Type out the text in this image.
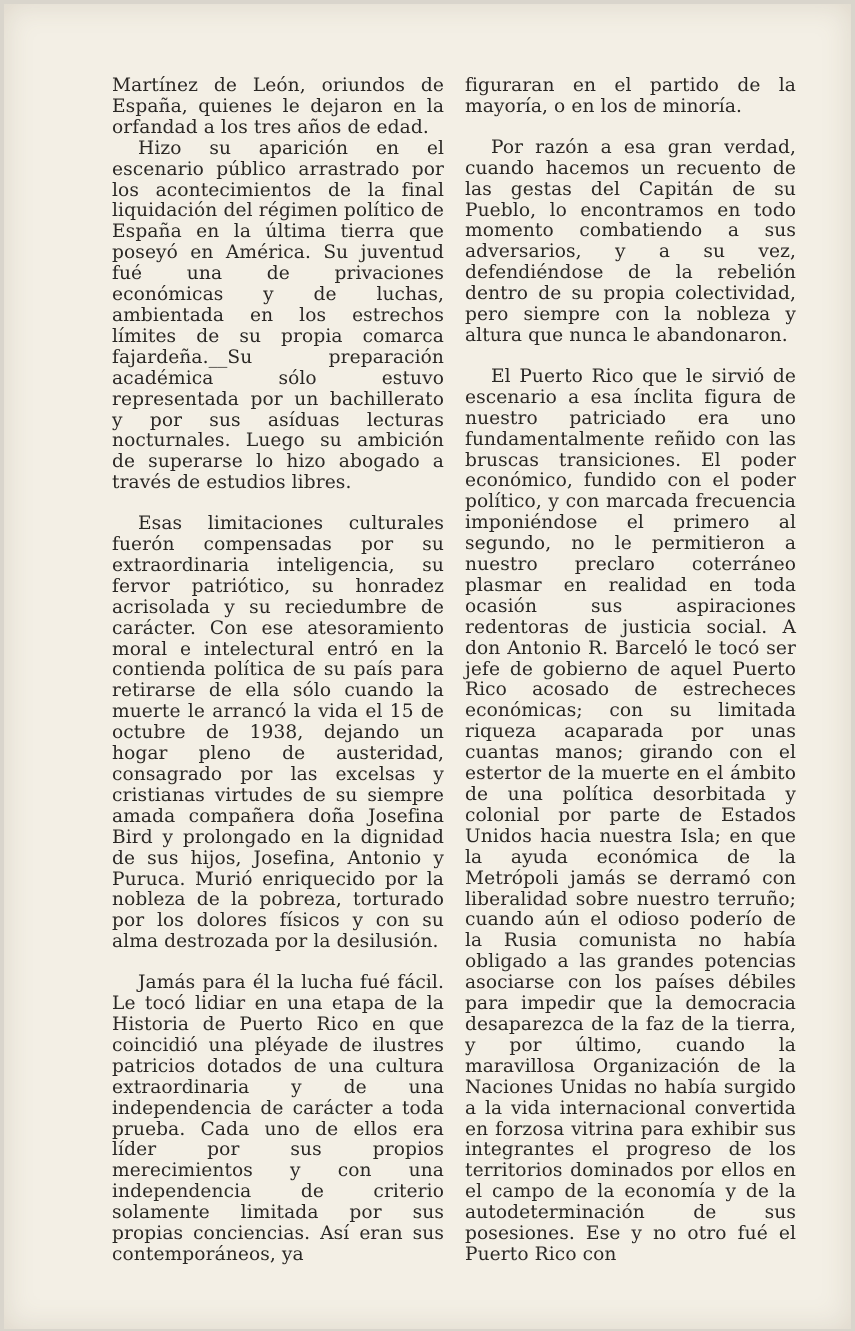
Martínez de León, oriundos de España, quienes le dejaron en la orfandad a los tres años de edad.

Hizo su aparición en el escenario público arrastrado por los acontecimientos de la final liquidación del régimen político de España en la última tierra que poseyó en América. Su juventud fué una de privaciones económicas y de luchas, ambientada en los estrechos límites de su propia comarca fajardeña.__Su preparación académica sólo estuvo representada por un bachillerato y por sus asíduas lecturas nocturnales. Luego su ambición de superarse lo hizo abogado a través de estudios libres.

Esas limitaciones culturales fuerón compensadas por su extraordinaria inteligencia, su fervor patriótico, su honradez acrisolada y su reciedumbre de carácter. Con ese atesoramiento moral e intelectural entró en la contienda política de su país para retirarse de ella sólo cuando la muerte le arrancó la vida el 15 de octubre de 1938, dejando un hogar pleno de austeridad, consagrado por las excelsas y cristianas virtudes de su siempre amada compañera doña Josefina Bird y prolongado en la dignidad de sus hijos, Josefina, Antonio y Puruca. Murió enriquecido por la nobleza de la pobreza, torturado por los dolores físicos y con su alma destrozada por la desilusión.

Jamás para él la lucha fué fácil. Le tocó lidiar en una etapa de la Historia de Puerto Rico en que coincidió una pléyade de ilustres patricios dotados de una cultura extraordinaria y de una independencia de carácter a toda prueba. Cada uno de ellos era líder por sus propios merecimientos y con una independencia de criterio solamente limitada por sus propias conciencias. Así eran sus contemporáneos, ya

figuraran en el partido de la mayoría, o en los de minoría.

Por razón a esa gran verdad, cuando hacemos un recuento de las gestas del Capitán de su Pueblo, lo encontramos en todo momento combatiendo a sus adversarios, y a su vez, defendiéndose de la rebelión dentro de su propia colectividad, pero siempre con la nobleza y altura que nunca le abandonaron.

El Puerto Rico que le sirvió de escenario a esa ínclita figura de nuestro patriciado era uno fundamentalmente reñido con las bruscas transiciones. El poder económico, fundido con el poder político, y con marcada frecuencia imponiéndose el primero al segundo, no le permitieron a nuestro preclaro coterráneo plasmar en realidad en toda ocasión sus aspiraciones redentoras de justicia social. A don Antonio R. Barceló le tocó ser jefe de gobierno de aquel Puerto Rico acosado de estrecheces económicas; con su limitada riqueza acaparada por unas cuantas manos; girando con el estertor de la muerte en el ámbito de una política desorbitada y colonial por parte de Estados Unidos hacia nuestra Isla; en que la ayuda económica de la Metrópoli jamás se derramó con liberalidad sobre nuestro terruño; cuando aún el odioso poderío de la Rusia comunista no había obligado a las grandes potencias asociarse con los países débiles para impedir que la democracia desaparezca de la faz de la tierra, y por último, cuando la maravillosa Organización de la Naciones Unidas no había surgido a la vida internacional convertida en forzosa vitrina para exhibir sus integrantes el progreso de los territorios dominados por ellos en el campo de la economía y de la autodeterminación de sus posesiones. Ese y no otro fué el Puerto Rico con
